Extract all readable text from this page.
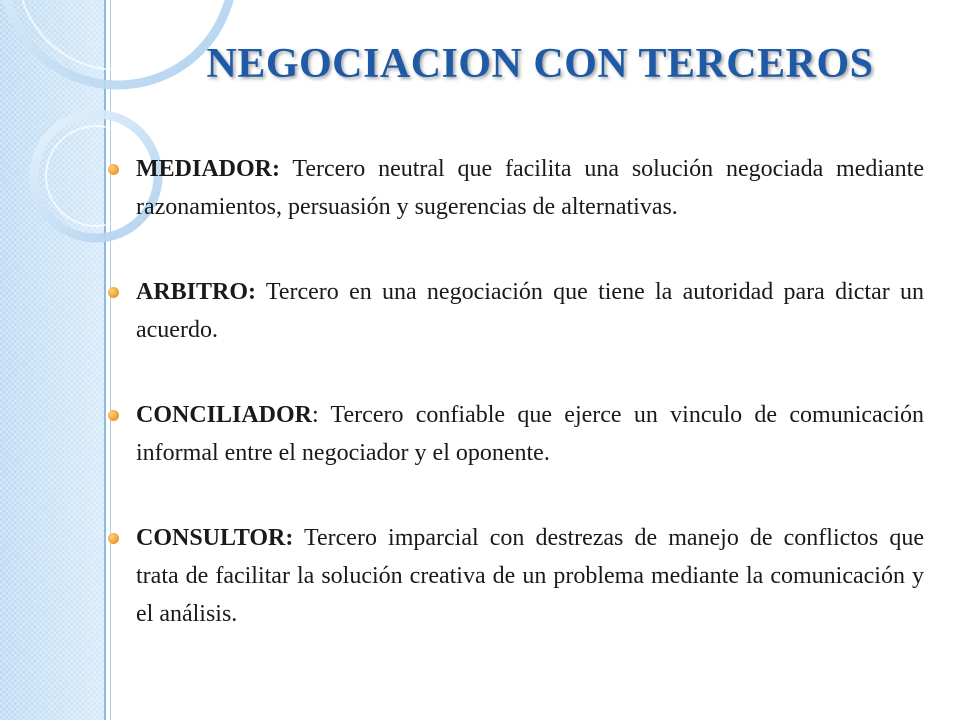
NEGOCIACION CON TERCEROS
MEDIADOR: Tercero neutral que facilita una solución negociada mediante razonamientos, persuasión y sugerencias de alternativas.
ARBITRO: Tercero en una negociación que tiene la autoridad para dictar un acuerdo.
CONCILIADOR: Tercero confiable que ejerce un vinculo de comunicación informal entre el negociador y el oponente.
CONSULTOR: Tercero imparcial con destrezas de manejo de conflictos que trata de facilitar la solución creativa de un problema mediante la comunicación y el análisis.
